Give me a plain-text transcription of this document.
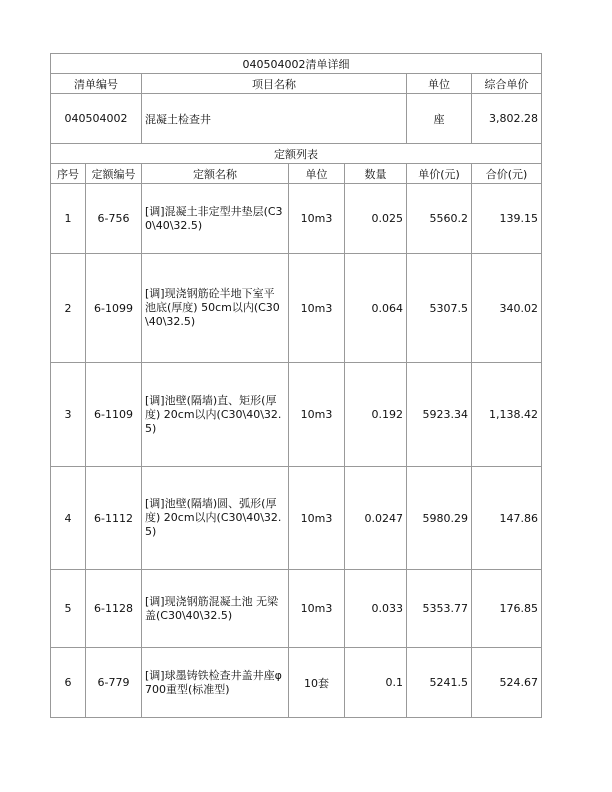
040504002清单详细						
清单编号		项目名称			单位	综合单价
040504002		混凝土检查井			座	3,802.28
定额列表						
序号	定额编号	定额名称	单位	数量	单价(元)	合价(元)
1	6-756	[调]混凝土非定型井垫层(C30\40\32.5)	10m3	0.025	5560.2	139.15
2	6-1099	[调]现浇钢筋砼半地下室平池底(厚度) 50cm以内(C30\40\32.5)	10m3	0.064	5307.5	340.02
3	6-1109	[调]池壁(隔墙)直、矩形(厚度) 20cm以内(C30\40\32.5)	10m3	0.192	5923.34	1,138.42
4	6-1112	[调]池壁(隔墙)圆、弧形(厚度) 20cm以内(C30\40\32.5)	10m3	0.0247	5980.29	147.86
5	6-1128	[调]现浇钢筋混凝土池 无梁盖(C30\40\32.5)	10m3	0.033	5353.77	176.85
6	6-779	[调]球墨铸铁检查井盖井座φ700重型(标准型)	10套	0.1	5241.5	524.67
